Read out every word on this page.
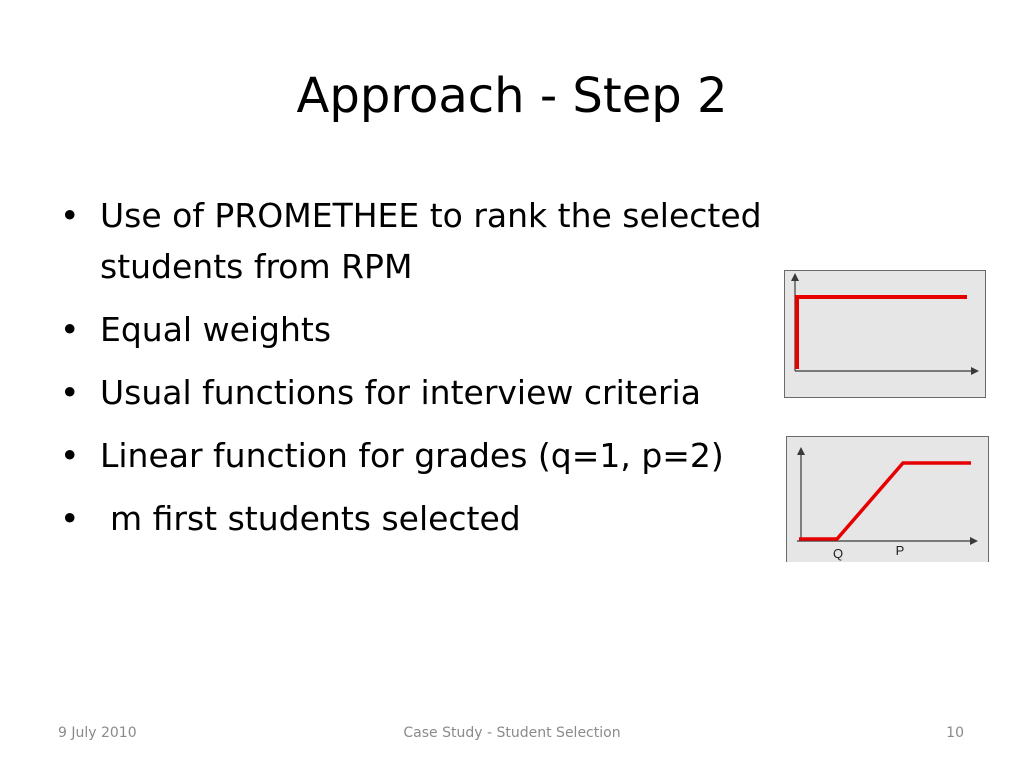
Approach - Step 2
• Use of PROMETHEE to rank the selected students from RPM
• Equal weights
• Usual functions for interview criteria
• Linear function for grades (q=1, p=2)
• m first students selected
Q	P
9 July 2010	Case Study - Student Selection	10
